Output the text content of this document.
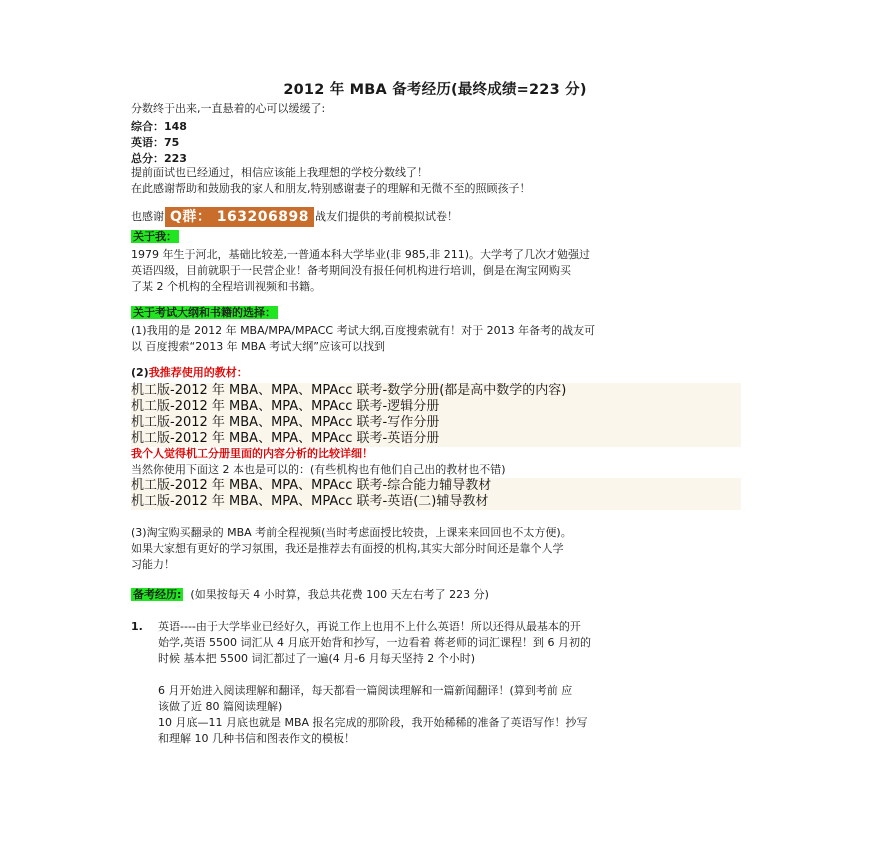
2012 年 MBA 备考经历(最终成绩=223 分)
分数终于出来,一直悬着的心可以缓缓了:
综合：148
英语：75
总分：223
提前面试也已经通过，相信应该能上我理想的学校分数线了！
在此感谢帮助和鼓励我的家人和朋友,特别感谢妻子的理解和无微不至的照顾孩子！
也感谢 Q群： 163206898 战友们提供的考前模拟试卷！
关于我：
1979 年生于河北，基础比较差,一普通本科大学毕业(非 985,非 211)。大学考了几次才勉强过
英语四级，目前就职于一民营企业！备考期间没有报任何机构进行培训，倒是在淘宝网购买
了某 2 个机构的全程培训视频和书籍。
关于考试大纲和书籍的选择：
(1)我用的是 2012 年 MBA/MPA/MPACC 考试大纲,百度搜索就有！对于 2013 年备考的战友可
以 百度搜索“2013 年 MBA 考试大纲”应该可以找到
(2)我推荐使用的教材：
机工版-2012 年 MBA、MPA、MPAcc 联考-数学分册(都是高中数学的内容)
机工版-2012 年 MBA、MPA、MPAcc 联考-逻辑分册
机工版-2012 年 MBA、MPA、MPAcc 联考-写作分册
机工版-2012 年 MBA、MPA、MPAcc 联考-英语分册
我个人觉得机工分册里面的内容分析的比较详细！
当然你使用下面这 2 本也是可以的：(有些机构也有他们自己出的教材也不错)
机工版-2012 年 MBA、MPA、MPAcc 联考-综合能力辅导教材
机工版-2012 年 MBA、MPA、MPAcc 联考-英语(二)辅导教材
(3)淘宝购买翻录的 MBA 考前全程视频(当时考虑面授比较贵，上课来来回回也不太方便)。
如果大家想有更好的学习氛围，我还是推荐去有面授的机构,其实大部分时间还是靠个人学
习能力！
备考经历: (如果按每天 4 小时算，我总共花费 100 天左右考了 223 分)
1. 英语----由于大学毕业已经好久，再说工作上也用不上什么英语！所以还得从最基本的开
始学,英语 5500 词汇从 4 月底开始背和抄写，一边看着 蒋老师的词汇课程！到 6 月初的
时候 基本把 5500 词汇都过了一遍(4 月-6 月每天坚持 2 个小时)
6 月开始进入阅读理解和翻译，每天都看一篇阅读理解和一篇新闻翻译！(算到考前 应
该做了近 80 篇阅读理解)
10 月底—11 月底也就是 MBA 报名完成的那阶段，我开始稀稀的准备了英语写作！抄写
和理解 10 几种书信和图表作文的模板！
